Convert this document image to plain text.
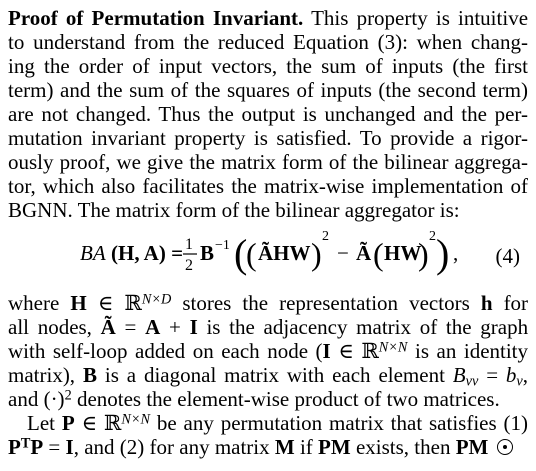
Proof of Permutation Invariant. This property is intuitive
to understand from the reduced Equation (3): when chang-
ing the order of input vectors, the sum of inputs (the first
term) and the sum of the squares of inputs (the second term)
are not changed. Thus the output is unchanged and the per-
mutation invariant property is satisfied. To provide a rigor-
ously proof, we give the matrix form of the bilinear aggrega-
tor, which also facilitates the matrix-wise implementation of
BGNN. The matrix form of the bilinear aggregator is:
BA (H, A) = 1
2
B −1 (
( ÃHW ) 2
− Ã ( HW
) 2 ) , (4)
where H ∈ ℝ$^{N\times D}$ stores the representation vectors h for
all nodes, Ã = A + I is the adjacency matrix of the graph
with self-loop added on each node (I ∈ ℝ$^{N\times N}$ is an identity
matrix), B is a diagonal matrix with each element $B_{vv} = b_v$,
and $(\cdot)^2$ denotes the element-wise product of two matrices.
Let P ∈ ℝ$^{N\times N}$ be any permutation matrix that satisfies (1)
$P^TP = I$, and (2) for any matrix M if PM exists, then PM
